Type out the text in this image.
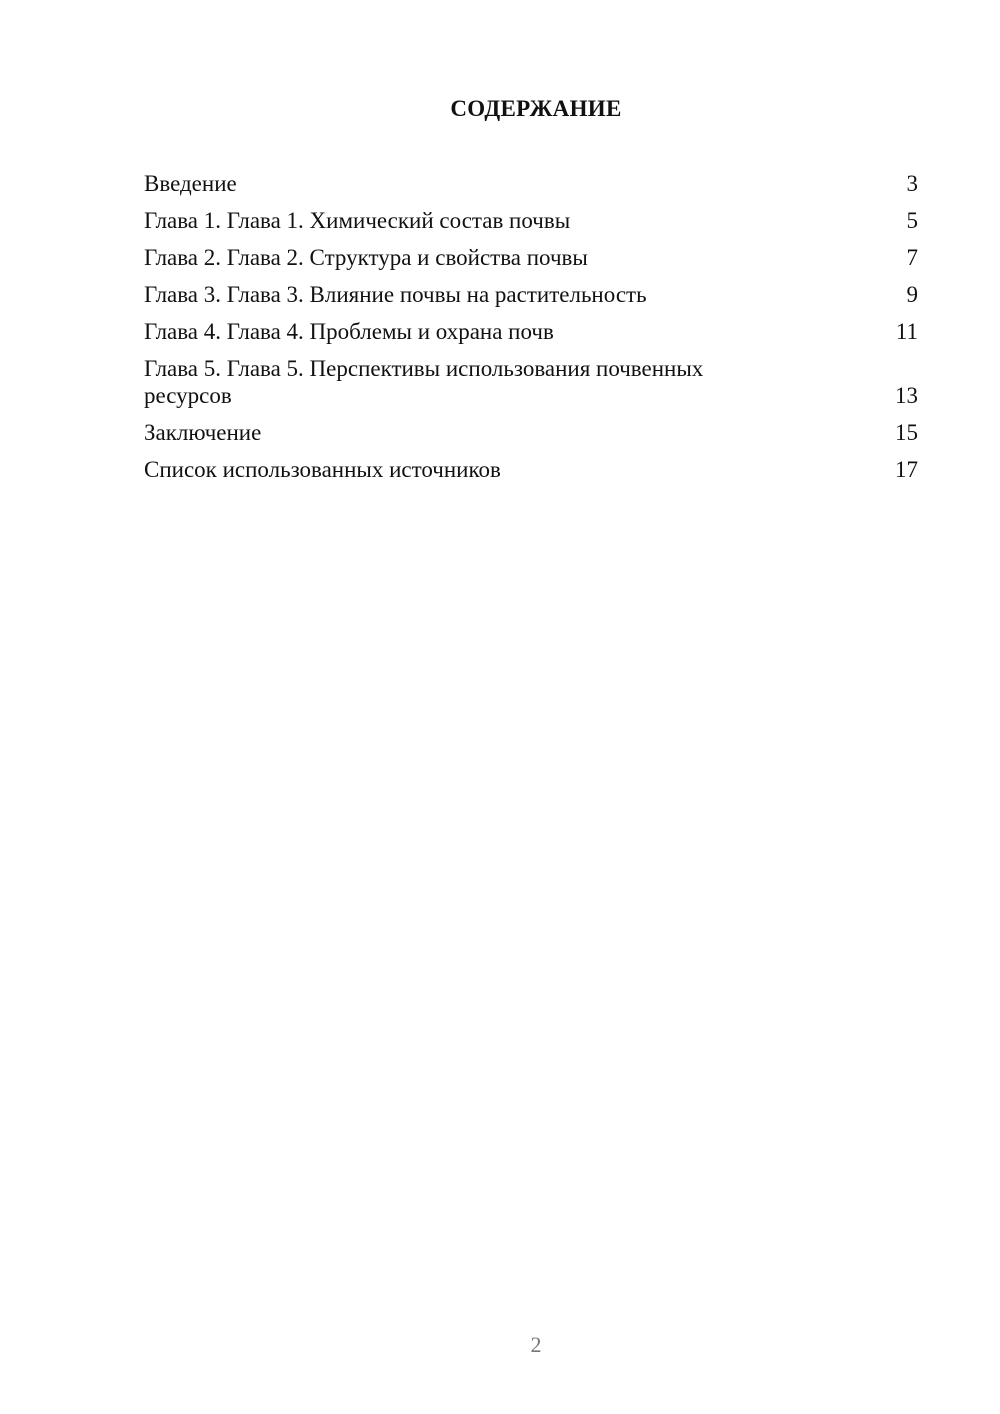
СОДЕРЖАНИЕ
Введение	3
Глава 1. Глава 1. Химический состав почвы	5
Глава 2. Глава 2. Структура и свойства почвы	7
Глава 3. Глава 3. Влияние почвы на растительность	9
Глава 4. Глава 4. Проблемы и охрана почв	11
Глава 5. Глава 5. Перспективы использования почвенных ресурсов	13
Заключение	15
Список использованных источников	17
2
